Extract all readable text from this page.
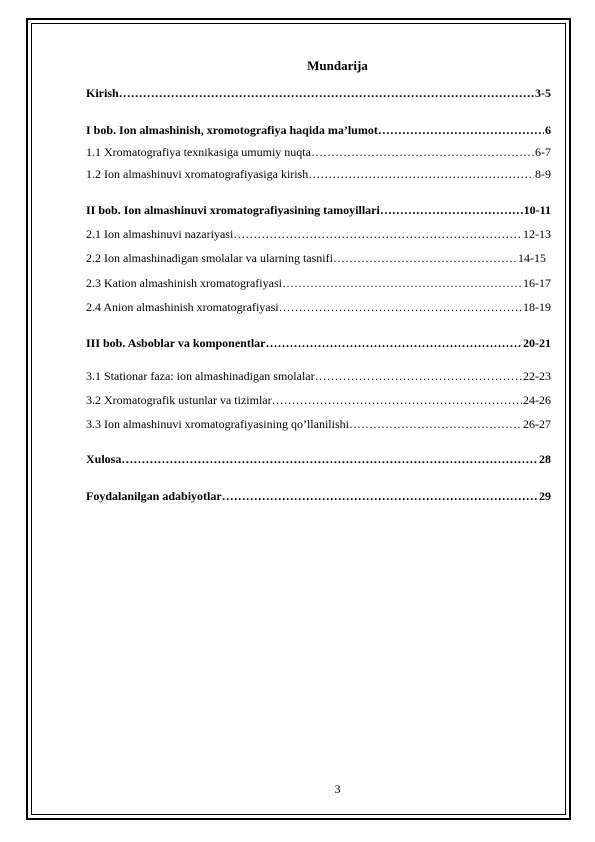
Mundarija
Kirish ………………………………………………………………………………………………………………………………	3-5
I bob. Ion almashinish, xromotografiya haqida ma’lumot ………………………………………………………………………………………………………………………………	6
1.1 Xromatografiya texnikasiga umumiy nuqta ………………………………………………………………………………………………………………………………	6-7
1.2 Ion almashinuvi xromatografiyasiga kirish ………………………………………………………………………………………………………………………………	8-9
II bob. Ion almashinuvi xromatografiyasining tamoyillari ………………………………………………………………………………………………………………………………	10-11
2.1 Ion almashinuvi nazariyasi ………………………………………………………………………………………………………………………………	12-13
2.2 Ion almashinadigan smolalar va ularning tasnifi ………………………………………………………………………………………………………………………………	14-15
2.3 Kation almashinish xromatografiyasi ………………………………………………………………………………………………………………………………	16-17
2.4 Anion almashinish xromatografiyasi ………………………………………………………………………………………………………………………………	18-19
III bob. Asboblar va komponentlar ………………………………………………………………………………………………………………………………	20-21
3.1 Stationar faza: ion almashinadigan smolalar ………………………………………………………………………………………………………………………………	22-23
3.2 Xromatografik ustunlar va tizimlar ………………………………………………………………………………………………………………………………	24-26
3.3 Ion almashinuvi xromatografiyasining qo’llanilishi ………………………………………………………………………………………………………………………………	26-27
Xulosa ………………………………………………………………………………………………………………………………	28
Foydalanilgan adabiyotlar ………………………………………………………………………………………………………………………………	29
3
